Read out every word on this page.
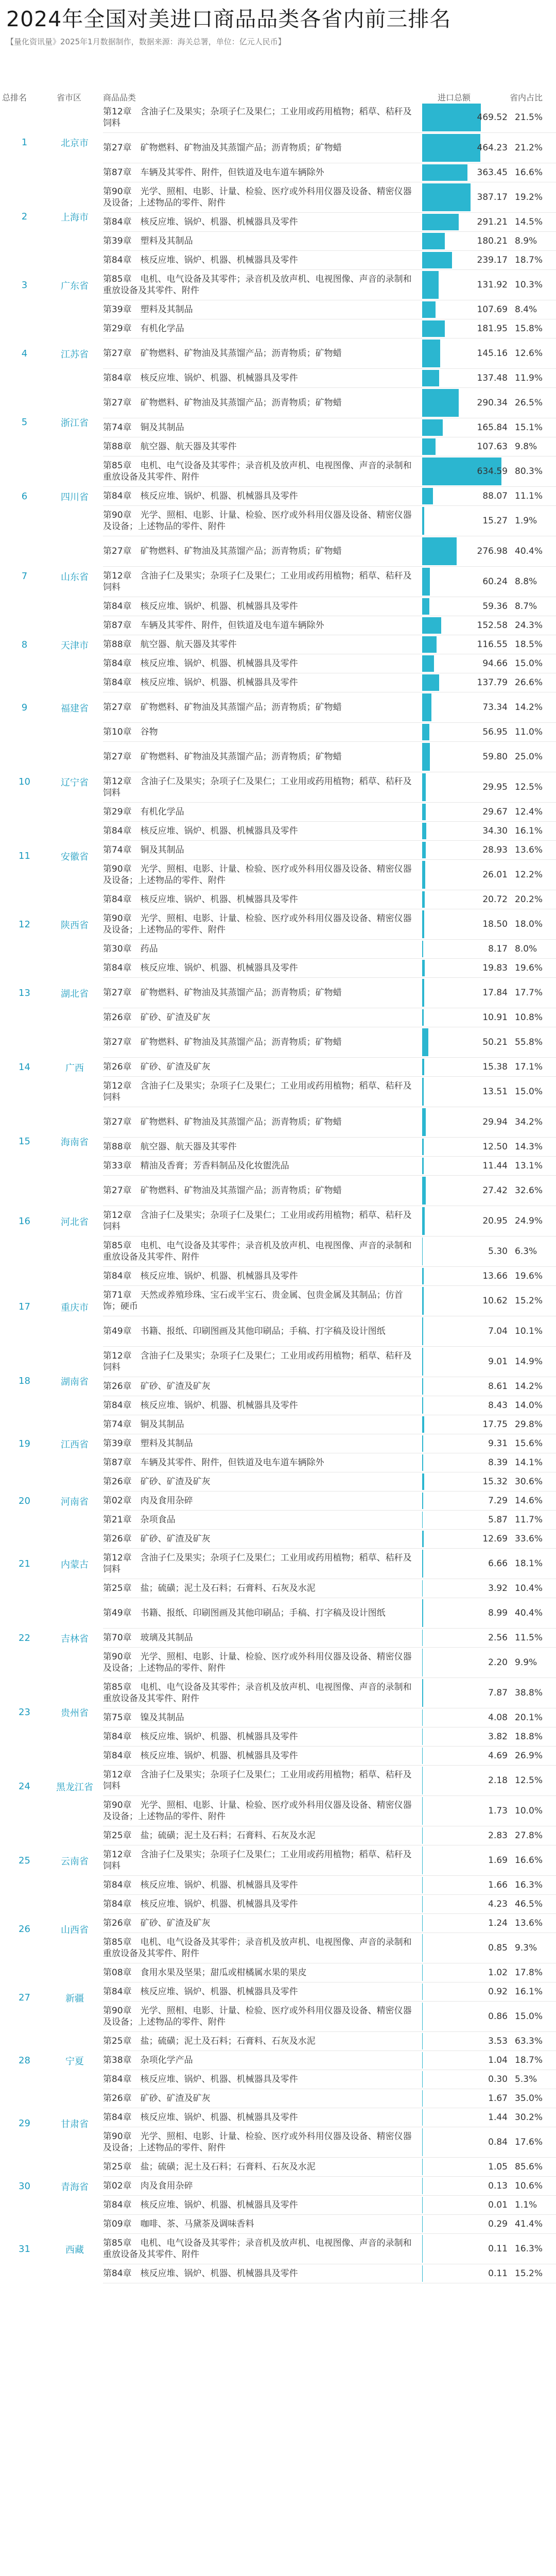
2024年全国对美进口商品品类各省内前三排名
【量化资讯量》2025年1月数据制作，数据来源：海关总署，单位：亿元人民币】
总排名	省市区	商品品类	进口总额	省内占比
1	北京市
第12章　含油子仁及果实；杂项子仁及果仁；工业用或药用植物；稻草、秸秆及饲料
469.52 21.5%
第27章　矿物燃料、矿物油及其蒸馏产品；沥青物质；矿物蜡	464.23 21.2%
第87章　车辆及其零件、附件，但铁道及电车道车辆除外	363.45 16.6%
2	上海市
第90章　光学、照相、电影、计量、检验、医疗或外科用仪器及设备、精密仪器及设备；上述物品的零件、附件
387.17 19.2%
第84章　核反应堆、锅炉、机器、机械器具及零件	291.21 14.5%
第39章　塑料及其制品	180.21 8.9%
3	广东省
第84章　核反应堆、锅炉、机器、机械器具及零件	239.17 18.7%
第85章　电机、电气设备及其零件；录音机及放声机、电视图像、声音的录制和重放设备及其零件、附件
131.92 10.3%
第39章　塑料及其制品	107.69 8.4%
4	江苏省
第29章　有机化学品	181.95 15.8%
第27章　矿物燃料、矿物油及其蒸馏产品；沥青物质；矿物蜡	145.16 12.6%
第84章　核反应堆、锅炉、机器、机械器具及零件	137.48 11.9%
5	浙江省
第27章　矿物燃料、矿物油及其蒸馏产品；沥青物质；矿物蜡	290.34 26.5%
第74章　铜及其制品	165.84 15.1%
第88章　航空器、航天器及其零件	107.63 9.8%
6	四川省
第85章　电机、电气设备及其零件；录音机及放声机、电视图像、声音的录制和重放设备及其零件、附件
634.59 80.3%
第84章　核反应堆、锅炉、机器、机械器具及零件	88.07 11.1%
第90章　光学、照相、电影、计量、检验、医疗或外科用仪器及设备、精密仪器及设备；上述物品的零件、附件
15.27 1.9%
7	山东省
第27章　矿物燃料、矿物油及其蒸馏产品；沥青物质；矿物蜡	276.98 40.4%
第12章　含油子仁及果实；杂项子仁及果仁；工业用或药用植物；稻草、秸秆及饲料
60.24 8.8%
第84章　核反应堆、锅炉、机器、机械器具及零件	59.36 8.7%
8	天津市
第87章　车辆及其零件、附件，但铁道及电车道车辆除外	152.58 24.3%
第88章　航空器、航天器及其零件	116.55 18.5%
第84章　核反应堆、锅炉、机器、机械器具及零件	94.66 15.0%
9	福建省
第84章　核反应堆、锅炉、机器、机械器具及零件	137.79 26.6%
第27章　矿物燃料、矿物油及其蒸馏产品；沥青物质；矿物蜡	73.34 14.2%
第10章　谷物	56.95 11.0%
10	辽宁省
第27章　矿物燃料、矿物油及其蒸馏产品；沥青物质；矿物蜡	59.80 25.0%
第12章　含油子仁及果实；杂项子仁及果仁；工业用或药用植物；稻草、秸秆及饲料
29.95 12.5%
第29章　有机化学品	29.67 12.4%
11	安徽省
第84章　核反应堆、锅炉、机器、机械器具及零件	34.30 16.1%
第74章　铜及其制品	28.93 13.6%
第90章　光学、照相、电影、计量、检验、医疗或外科用仪器及设备、精密仪器及设备；上述物品的零件、附件
26.01 12.2%
12	陕西省
第84章　核反应堆、锅炉、机器、机械器具及零件	20.72 20.2%
第90章　光学、照相、电影、计量、检验、医疗或外科用仪器及设备、精密仪器及设备；上述物品的零件、附件
18.50 18.0%
第30章　药品	8.17 8.0%
13	湖北省
第84章　核反应堆、锅炉、机器、机械器具及零件	19.83 19.6%
第27章　矿物燃料、矿物油及其蒸馏产品；沥青物质；矿物蜡	17.84 17.7%
第26章　矿砂、矿渣及矿灰	10.91 10.8%
14	广西
第27章　矿物燃料、矿物油及其蒸馏产品；沥青物质；矿物蜡	50.21 55.8%
第26章　矿砂、矿渣及矿灰	15.38 17.1%
第12章　含油子仁及果实；杂项子仁及果仁；工业用或药用植物；稻草、秸秆及饲料
13.51 15.0%
15	海南省
第27章　矿物燃料、矿物油及其蒸馏产品；沥青物质；矿物蜡	29.94 34.2%
第88章　航空器、航天器及其零件	12.50 14.3%
第33章　精油及香膏；芳香料制品及化妆盥洗品	11.44 13.1%
16	河北省
第27章　矿物燃料、矿物油及其蒸馏产品；沥青物质；矿物蜡	27.42 32.6%
第12章　含油子仁及果实；杂项子仁及果仁；工业用或药用植物；稻草、秸秆及饲料
20.95 24.9%
第85章　电机、电气设备及其零件；录音机及放声机、电视图像、声音的录制和重放设备及其零件、附件
5.30 6.3%
17	重庆市
第84章　核反应堆、锅炉、机器、机械器具及零件	13.66 19.6%
第71章　天然或养殖珍珠、宝石或半宝石、贵金属、包贵金属及其制品；仿首饰；硬币
10.62 15.2%
第49章　书籍、报纸、印刷图画及其他印刷品；手稿、打字稿及设计图纸	7.04 10.1%
18	湖南省
第12章　含油子仁及果实；杂项子仁及果仁；工业用或药用植物；稻草、秸秆及饲料
9.01 14.9%
第26章　矿砂、矿渣及矿灰	8.61 14.2%
第84章　核反应堆、锅炉、机器、机械器具及零件	8.43 14.0%
19	江西省
第74章　铜及其制品	17.75 29.8%
第39章　塑料及其制品	9.31 15.6%
第87章　车辆及其零件、附件，但铁道及电车道车辆除外	8.39 14.1%
20	河南省
第26章　矿砂、矿渣及矿灰	15.32 30.6%
第02章　肉及食用杂碎	7.29 14.6%
第21章　杂项食品	5.87 11.7%
21	内蒙古
第26章　矿砂、矿渣及矿灰	12.69 33.6%
第12章　含油子仁及果实；杂项子仁及果仁；工业用或药用植物；稻草、秸秆及饲料
6.66 18.1%
第25章　盐；硫磺；泥土及石料；石膏料、石灰及水泥	3.92 10.4%
22	吉林省
第49章　书籍、报纸、印刷图画及其他印刷品；手稿、打字稿及设计图纸	8.99 40.4%
第70章　玻璃及其制品	2.56 11.5%
第90章　光学、照相、电影、计量、检验、医疗或外科用仪器及设备、精密仪器及设备；上述物品的零件、附件
2.20 9.9%
23	贵州省
第85章　电机、电气设备及其零件；录音机及放声机、电视图像、声音的录制和重放设备及其零件、附件
7.87 38.8%
第75章　镍及其制品	4.08 20.1%
第84章　核反应堆、锅炉、机器、机械器具及零件	3.82 18.8%
24	黑龙江省
第84章　核反应堆、锅炉、机器、机械器具及零件	4.69 26.9%
第12章　含油子仁及果实；杂项子仁及果仁；工业用或药用植物；稻草、秸秆及饲料
2.18 12.5%
第90章　光学、照相、电影、计量、检验、医疗或外科用仪器及设备、精密仪器及设备；上述物品的零件、附件
1.73 10.0%
25	云南省
第25章　盐；硫磺；泥土及石料；石膏料、石灰及水泥	2.83 27.8%
第12章　含油子仁及果实；杂项子仁及果仁；工业用或药用植物；稻草、秸秆及饲料
1.69 16.6%
第84章　核反应堆、锅炉、机器、机械器具及零件	1.66 16.3%
26	山西省
第84章　核反应堆、锅炉、机器、机械器具及零件	4.23 46.5%
第26章　矿砂、矿渣及矿灰	1.24 13.6%
第85章　电机、电气设备及其零件；录音机及放声机、电视图像、声音的录制和重放设备及其零件、附件
0.85 9.3%
27	新疆
第08章　食用水果及坚果；甜瓜或柑橘属水果的果皮	1.02 17.8%
第84章　核反应堆、锅炉、机器、机械器具及零件	0.92 16.1%
第90章　光学、照相、电影、计量、检验、医疗或外科用仪器及设备、精密仪器及设备；上述物品的零件、附件
0.86 15.0%
28	宁夏
第25章　盐；硫磺；泥土及石料；石膏料、石灰及水泥	3.53 63.3%
第38章　杂项化学产品	1.04 18.7%
第84章　核反应堆、锅炉、机器、机械器具及零件	0.30 5.3%
29	甘肃省
第26章　矿砂、矿渣及矿灰	1.67 35.0%
第84章　核反应堆、锅炉、机器、机械器具及零件	1.44 30.2%
第90章　光学、照相、电影、计量、检验、医疗或外科用仪器及设备、精密仪器及设备；上述物品的零件、附件
0.84 17.6%
30	青海省
第25章　盐；硫磺；泥土及石料；石膏料、石灰及水泥	1.05 85.6%
第02章　肉及食用杂碎	0.13 10.6%
第84章　核反应堆、锅炉、机器、机械器具及零件	0.01 1.1%
31	西藏
第09章　咖啡、茶、马黛茶及调味香料	0.29 41.4%
第85章　电机、电气设备及其零件；录音机及放声机、电视图像、声音的录制和重放设备及其零件、附件
0.11 16.3%
第84章　核反应堆、锅炉、机器、机械器具及零件	0.11 15.2%
